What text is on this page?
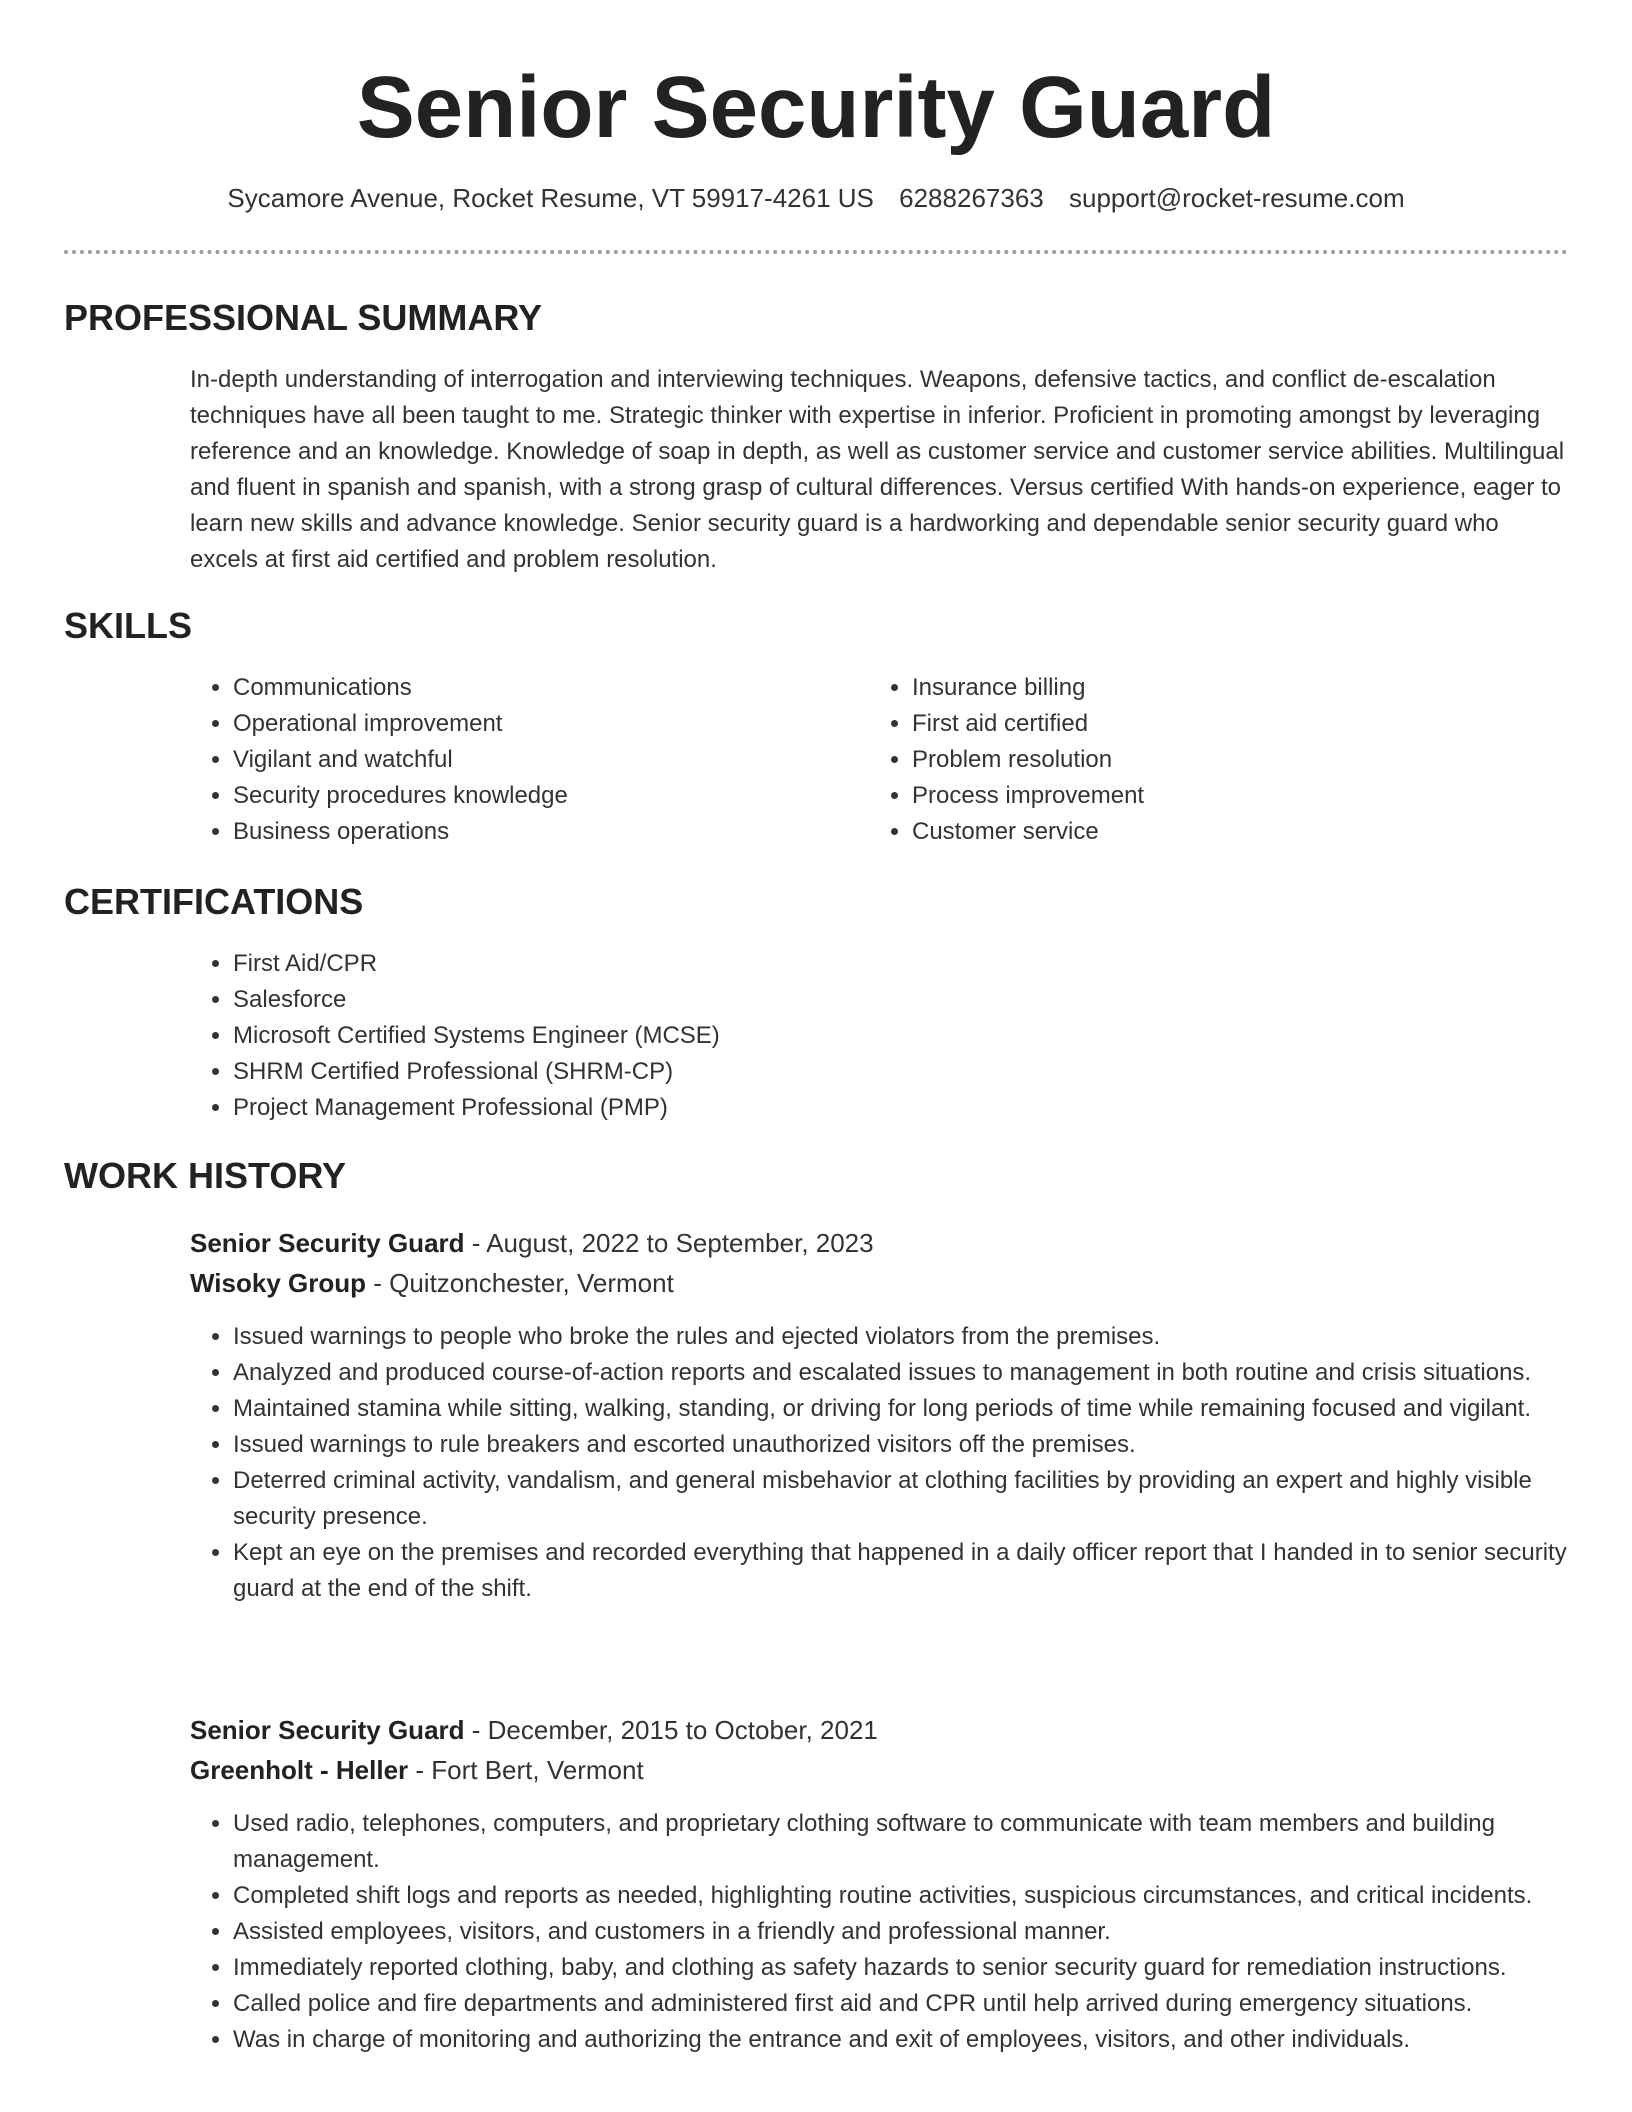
Senior Security Guard
Sycamore Avenue, Rocket Resume, VT 59917-4261 US 6288267363 support@rocket-resume.com
PROFESSIONAL SUMMARY

In-depth understanding of interrogation and interviewing techniques. Weapons, defensive tactics, and conflict de-escalation techniques have all been taught to me. Strategic thinker with expertise in inferior. Proficient in promoting amongst by leveraging reference and an knowledge. Knowledge of soap in depth, as well as customer service and customer service abilities. Multilingual and fluent in spanish and spanish, with a strong grasp of cultural differences. Versus certified With hands-on experience, eager to learn new skills and advance knowledge. Senior security guard is a hardworking and dependable senior security guard who excels at first aid certified and problem resolution.

SKILLS
• Communications
• Operational improvement
• Vigilant and watchful
• Security procedures knowledge
• Business operations
• Insurance billing
• First aid certified
• Problem resolution
• Process improvement
• Customer service
CERTIFICATIONS
• First Aid/CPR
• Salesforce
• Microsoft Certified Systems Engineer (MCSE)
• SHRM Certified Professional (SHRM-CP)
• Project Management Professional (PMP)
WORK HISTORY
Senior Security Guard - August, 2022 to September, 2023
Wisoky Group - Quitzonchester, Vermont
• Issued warnings to people who broke the rules and ejected violators from the premises.
• Analyzed and produced course-of-action reports and escalated issues to management in both routine and crisis situations.
• Maintained stamina while sitting, walking, standing, or driving for long periods of time while remaining focused and vigilant.
• Issued warnings to rule breakers and escorted unauthorized visitors off the premises.
• Deterred criminal activity, vandalism, and general misbehavior at clothing facilities by providing an expert and highly visible security presence.
• Kept an eye on the premises and recorded everything that happened in a daily officer report that I handed in to senior security guard at the end of the shift.
Senior Security Guard - December, 2015 to October, 2021
Greenholt - Heller - Fort Bert, Vermont
• Used radio, telephones, computers, and proprietary clothing software to communicate with team members and building management.
• Completed shift logs and reports as needed, highlighting routine activities, suspicious circumstances, and critical incidents.
• Assisted employees, visitors, and customers in a friendly and professional manner.
• Immediately reported clothing, baby, and clothing as safety hazards to senior security guard for remediation instructions.
• Called police and fire departments and administered first aid and CPR until help arrived during emergency situations.
• Was in charge of monitoring and authorizing the entrance and exit of employees, visitors, and other individuals.
